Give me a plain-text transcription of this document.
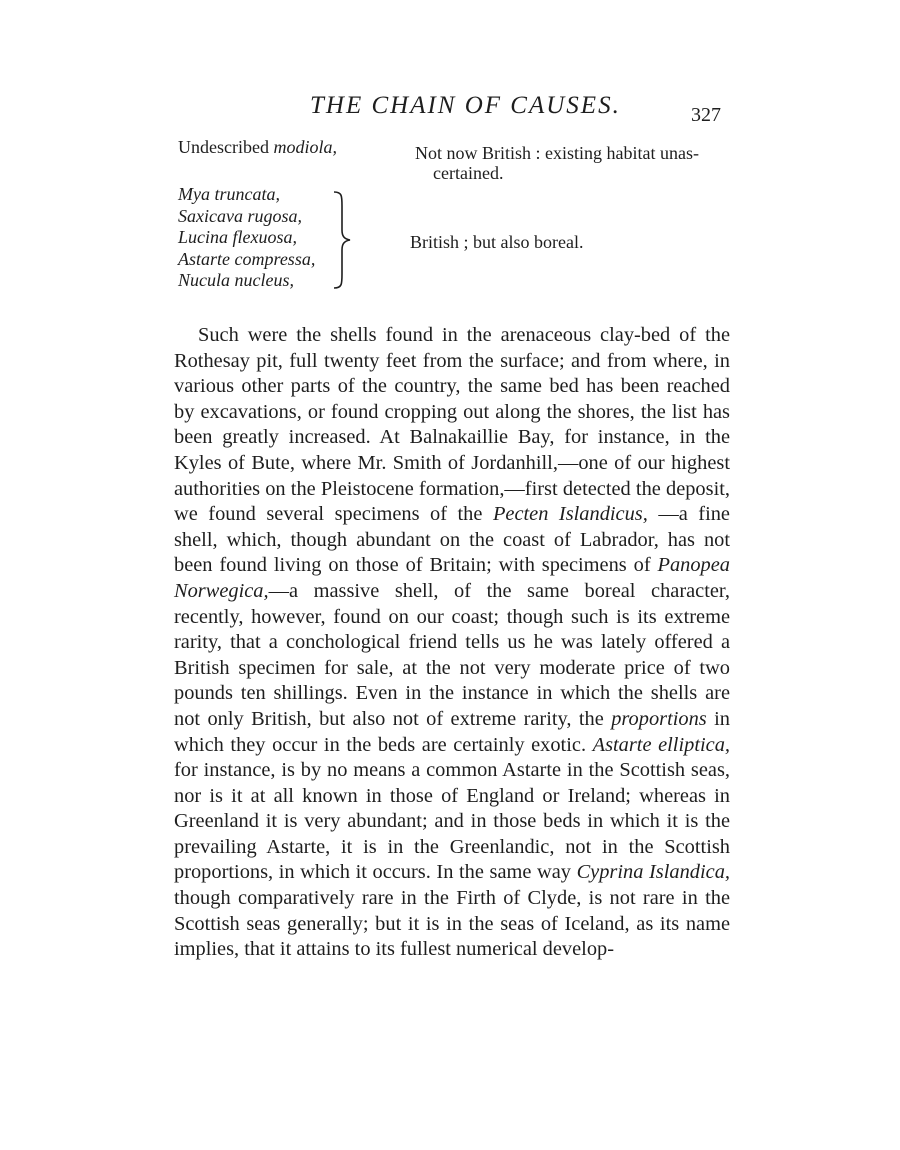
THE CHAIN OF CAUSES.	327
Undescribed modiola,	Not now British : existing habitat unas-
certained.
Mya truncata,
Saxicava rugosa,
Lucina flexuosa,
Astarte compressa,
Nucula nucleus,
British ; but also boreal.

Such were the shells found in the arenaceous clay-bed of the Rothesay pit, full twenty feet from the surface; and from where, in various other parts of the country, the same bed has been reached by excavations, or found cropping out along the shores, the list has been greatly increased. At Balnakaillie Bay, for instance, in the Kyles of Bute, where Mr. Smith of Jordanhill,—one of our highest authorities on the Pleistocene formation,—first detected the deposit, we found several specimens of the Pecten Islandicus, —a fine shell, which, though abundant on the coast of Labrador, has not been found living on those of Britain; with specimens of Panopea Norwegica,—a massive shell, of the same boreal character, recently, however, found on our coast; though such is its extreme rarity, that a conchological friend tells us he was lately offered a British specimen for sale, at the not very moderate price of two pounds ten shillings. Even in the instance in which the shells are not only British, but also not of extreme rarity, the proportions in which they occur in the beds are certainly exotic. Astarte elliptica, for instance, is by no means a common Astarte in the Scottish seas, nor is it at all known in those of England or Ireland; whereas in Greenland it is very abundant; and in those beds in which it is the prevailing Astarte, it is in the Greenlandic, not in the Scottish proportions, in which it occurs. In the same way Cyprina Islandica, though comparatively rare in the Firth of Clyde, is not rare in the Scottish seas generally; but it is in the seas of Iceland, as its name implies, that it attains to its fullest numerical develop-
